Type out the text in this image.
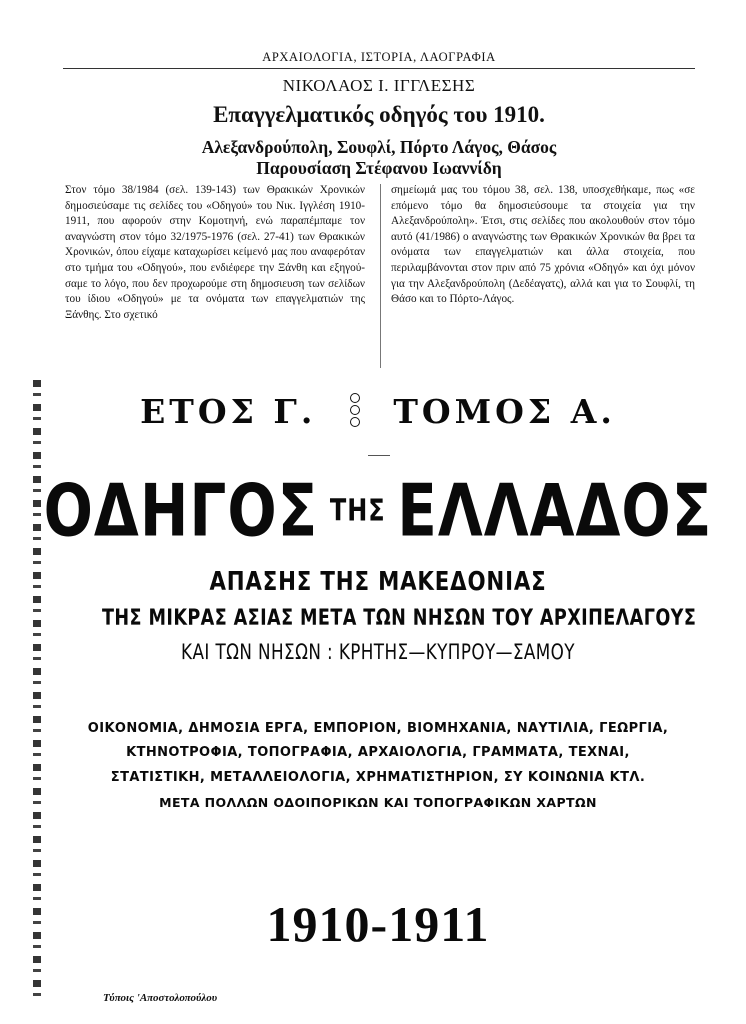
ΑΡΧΑΙΟΛΟΓΙΑ, ΙΣΤΟΡΙΑ, ΛΑΟΓΡΑΦΙΑ
ΝΙΚΟΛΑΟΣ Ι. ΙΓΓΛΕΣΗΣ
Επαγγελματικός οδηγός του 1910.
Αλεξανδρούπολη, Σουφλί, Πόρτο Λάγος, Θάσος
Παρουσίαση Στέφανου Ιωαννίδη
Στον τόμο 38/1984 (σελ. 139-143) των Θρακικών Χρονικών δημοσιεύσαμε τις σελίδες του «Οδηγού» του Νικ. Ιγγλέση 1910-1911, που αφορούν στην Κομοτηνή, ενώ παραπέμπαμε τον αναγνώστη στον τόμο 32/1975-1976 (σελ. 27-41) των Θρακικών Χρονικών, όπου είχαμε καταχωρίσει κείμενό μας που αναφερόταν στο τμήμα του «Οδηγού», που ενδιέφερε την Ξάνθη και εξηγούσαμε το λόγο, που δεν προχωρούμε στη δημοσιευση των σελίδων του ίδιου «Οδηγού» με τα ονόματα των επαγγελματιών της Ξάνθης. Στο σχετικό
σημείωμά μας του τόμου 38, σελ. 138, υποσχεθήκαμε, πως «σε επόμενο τόμο θα δημοσιεύσουμε τα στοιχεία για την Αλεξανδρούπολη». Έτσι, στις σελίδες που ακολουθούν στον τόμο αυτό (41/1986) ο αναγνώστης των Θρακικών Χρονικών θα βρει τα ονόματα των επαγγελματιών και άλλα στοιχεία, που περιλαμβάνονται στον πριν από 75 χρόνια «Οδηγό» και όχι μόνον για την Αλεξανδρούπολη (Δεδέαγατς), αλλά και για το Σουφλί, τη Θάσο και το Πόρτο-Λάγος.
ΕΤΟΣ Γ. ΤΟΜΟΣ Α.
ΟΔΗΓΟΣ ΤΗΣ ΕΛΛΑΔΟΣ
ΑΠΑΣΗΣ ΤΗΣ ΜΑΚΕΔΟΝΙΑΣ
ΤΗΣ ΜΙΚΡΑΣ ΑΣΙΑΣ ΜΕΤΑ ΤΩΝ ΝΗΣΩΝ ΤΟΥ ΑΡΧΙΠΕΛΑΓΟΥΣ
ΚΑΙ ΤΩΝ ΝΗΣΩΝ : ΚΡΗΤΗΣ—ΚΥΠΡΟΥ—ΣΑΜΟΥ
ΟΙΚΟΝΟΜΙΑ, ΔΗΜΟΣΙΑ ΕΡΓΑ, ΕΜΠΟΡΙΟΝ, ΒΙΟΜΗΧΑΝΙΑ, ΝΑΥΤΙΛΙΑ, ΓΕΩΡΓΙΑ,
ΚΤΗΝΟΤΡΟΦΙΑ, ΤΟΠΟΓΡΑΦΙΑ, ΑΡΧΑΙΟΛΟΓΙΑ, ΓΡΑΜΜΑΤΑ, ΤΕΧΝΑΙ,
ΣΤΑΤΙΣΤΙΚΗ, ΜΕΤΑΛΛΕΙΟΛΟΓΙΑ, ΧΡΗΜΑΤΙΣΤΗΡΙΟΝ, ΣΥ ΚΟΙΝΩΝΙΑ ΚΤΛ.
ΜΕΤΑ ΠΟΛΛΩΝ ΟΔΟΙΠΟΡΙΚΩΝ ΚΑΙ ΤΟΠΟΓΡΑΦΙΚΩΝ ΧΑΡΤΩΝ
1910-1911
Τύποις 'Αποστολοπούλου
